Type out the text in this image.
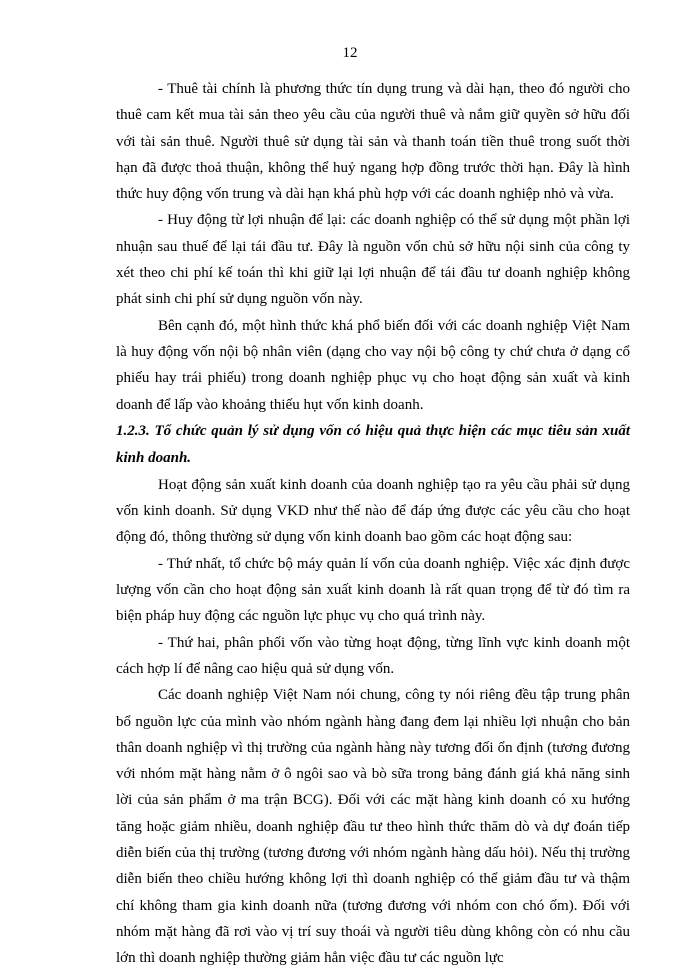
12

- Thuê tài chính là phương thức tín dụng trung và dài hạn, theo đó người cho thuê cam kết mua tài sản theo yêu cầu của người thuê và nắm giữ quyền sở hữu đối với tài sản thuê. Người thuê sử dụng tài sản và thanh toán tiền thuê trong suốt thời hạn đã được thoả thuận, không thể huỷ ngang hợp đồng trước thời hạn. Đây là hình thức huy động vốn trung và dài hạn khá phù hợp với các doanh nghiệp nhỏ và vừa.

- Huy động từ lợi nhuận để lại: các doanh nghiệp có thể sử dụng một phần lợi nhuận sau thuế để lại tái đầu tư. Đây là nguồn vốn chủ sở hữu nội sinh của công ty xét theo chi phí kế toán thì khi giữ lại lợi nhuận để tái đầu tư doanh nghiệp không phát sinh chi phí sử dụng nguồn vốn này.

Bên cạnh đó, một hình thức khá phổ biến đối với các doanh nghiệp Việt Nam là huy động vốn nội bộ nhân viên (dạng cho vay nội bộ công ty chứ chưa ở dạng cổ phiếu hay trái phiếu) trong doanh nghiệp phục vụ cho hoạt động sản xuất và kinh doanh để lấp vào khoảng thiếu hụt vốn kinh doanh.

1.2.3. Tổ chức quản lý sử dụng vốn có hiệu quả thực hiện các mục tiêu sản xuất kinh doanh.

Hoạt động sản xuất kinh doanh của doanh nghiệp tạo ra yêu cầu phải sử dụng vốn kinh doanh. Sử dụng VKD như thế nào để đáp ứng được các yêu cầu cho hoạt động đó, thông thường sử dụng vốn kinh doanh bao gồm các hoạt động sau:

- Thứ nhất, tổ chức bộ máy quản lí vốn của doanh nghiệp. Việc xác định được lượng vốn cần cho hoạt động sản xuất kinh doanh là rất quan trọng để từ đó tìm ra biện pháp huy động các nguồn lực phục vụ cho quá trình này.

- Thứ hai, phân phối vốn vào từng hoạt động, từng lĩnh vực kinh doanh một cách hợp lí để nâng cao hiệu quả sử dụng vốn.

Các doanh nghiệp Việt Nam nói chung, công ty nói riêng đều tập trung phân bổ nguồn lực của mình vào nhóm ngành hàng đang đem lại nhiều lợi nhuận cho bản thân doanh nghiệp vì thị trường của ngành hàng này tương đối ổn định (tương đương với nhóm mặt hàng nằm ở ô ngôi sao và bò sữa trong bảng đánh giá khả năng sinh lời của sản phẩm ở ma trận BCG). Đối với các mặt hàng kinh doanh có xu hướng tăng hoặc giảm nhiều, doanh nghiệp đầu tư theo hình thức thăm dò và dự đoán tiếp diễn biến của thị trường (tương đương với nhóm ngành hàng dấu hỏi). Nếu thị trường diễn biến theo chiều hướng không lợi thì doanh nghiệp có thể giảm đầu tư và thậm chí không tham gia kinh doanh nữa (tương đương với nhóm con chó ốm). Đối với nhóm mặt hàng đã rơi vào vị trí suy thoái và người tiêu dùng không còn có nhu cầu lớn thì doanh nghiệp thường giảm hẳn việc đầu tư các nguồn lực
